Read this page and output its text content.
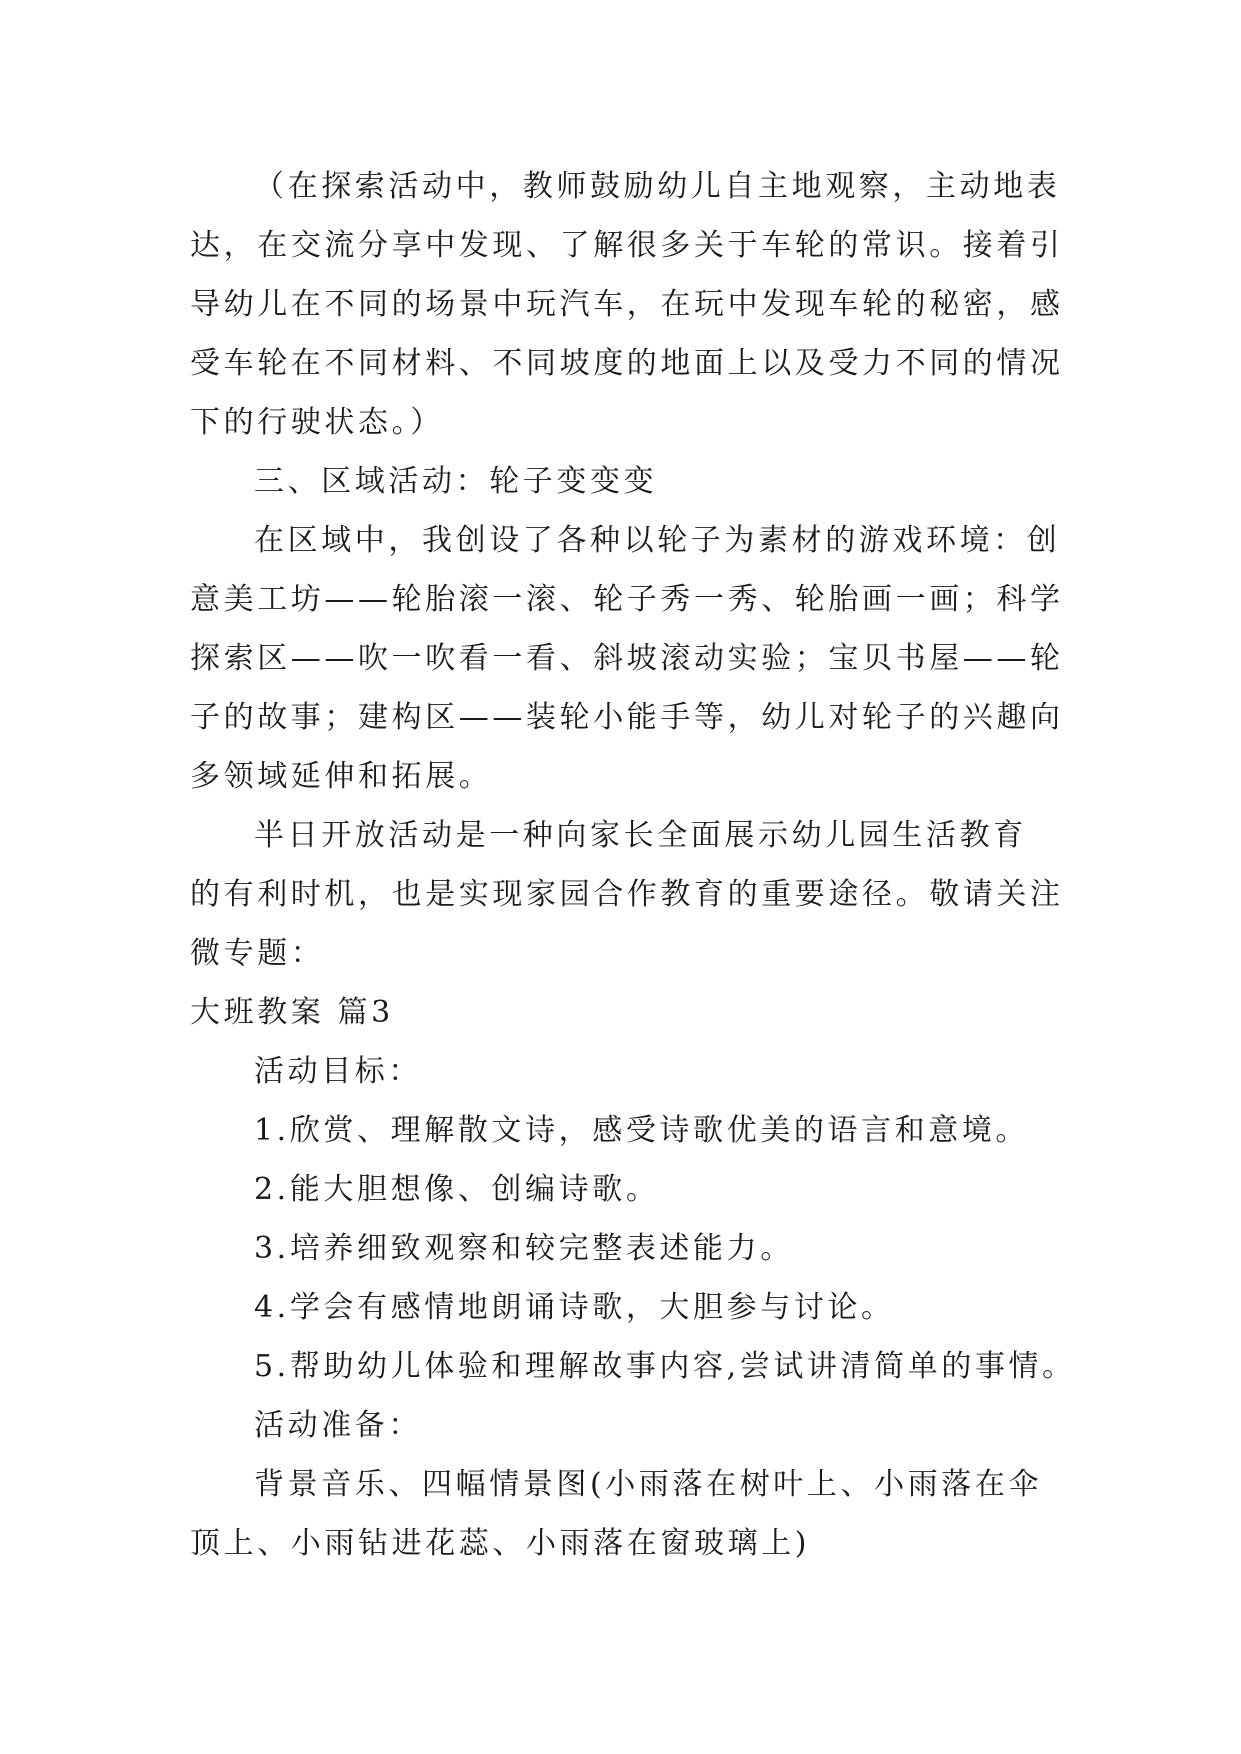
（在探索活动中，教师鼓励幼儿自主地观察，主动地表
达，在交流分享中发现、了解很多关于车轮的常识。接着引
导幼儿在不同的场景中玩汽车，在玩中发现车轮的秘密，感
受车轮在不同材料、不同坡度的地面上以及受力不同的情况
下的行驶状态。）
三、区域活动：轮子变变变
在区域中，我创设了各种以轮子为素材的游戏环境：创
意美工坊——轮胎滚一滚、轮子秀一秀、轮胎画一画；科学
探索区——吹一吹看一看、斜坡滚动实验；宝贝书屋——轮
子的故事；建构区——装轮小能手等，幼儿对轮子的兴趣向
多领域延伸和拓展。
半日开放活动是一种向家长全面展示幼儿园生活教育
的有利时机，也是实现家园合作教育的重要途径。敬请关注
微专题：
大班教案 篇3
活动目标：
1.欣赏、理解散文诗，感受诗歌优美的语言和意境。
2.能大胆想像、创编诗歌。
3.培养细致观察和较完整表述能力。
4.学会有感情地朗诵诗歌，大胆参与讨论。
5.帮助幼儿体验和理解故事内容,尝试讲清简单的事情。
活动准备：
背景音乐、四幅情景图(小雨落在树叶上、小雨落在伞
顶上、小雨钻进花蕊、小雨落在窗玻璃上)
